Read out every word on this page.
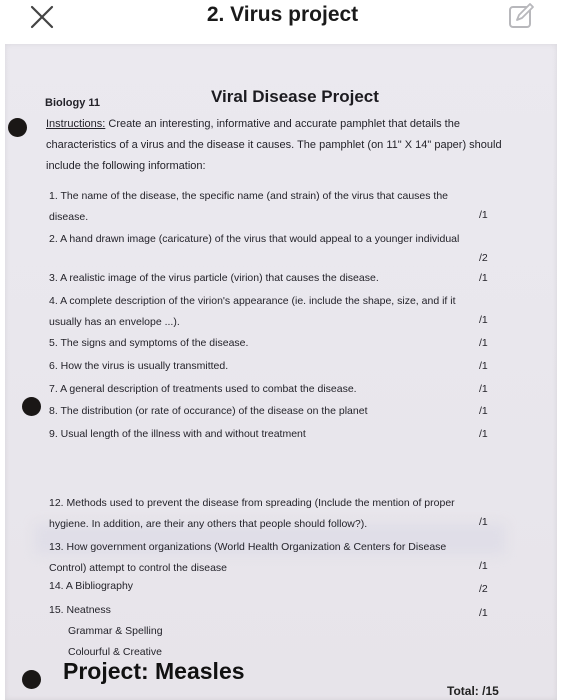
2. Virus project
Biology 11	Viral Disease Project
Instructions: Create an interesting, informative and accurate pamphlet that details the characteristics of a virus and the disease it causes. The pamphlet (on 11" X 14" paper) should include the following information:
1. The name of the disease, the specific name (and strain) of the virus that causes the
disease.	/1
2. A hand drawn image (caricature) of the virus that would appeal to a younger individual
/2
3. A realistic image of the virus particle (virion) that causes the disease.	/1
4. A complete description of the virion's appearance (ie. include the shape, size, and if it
usually has an envelope ...).	/1
5. The signs and symptoms of the disease.	/1
6. How the virus is usually transmitted.	/1
7. A general description of treatments used to combat the disease.	/1
8. The distribution (or rate of occurance) of the disease on the planet	/1
9. Usual length of the illness with and without treatment	/1
12. Methods used to prevent the disease from spreading (Include the mention of proper
hygiene. In addition, are their any others that people should follow?).	/1
13. How government organizations (World Health Organization & Centers for Disease
Control) attempt to control the disease	/1
14. A Bibliography	/2
15. Neatness
Grammar & Spelling
Colourful & Creative
/1
Project: Measles
Total: /15
